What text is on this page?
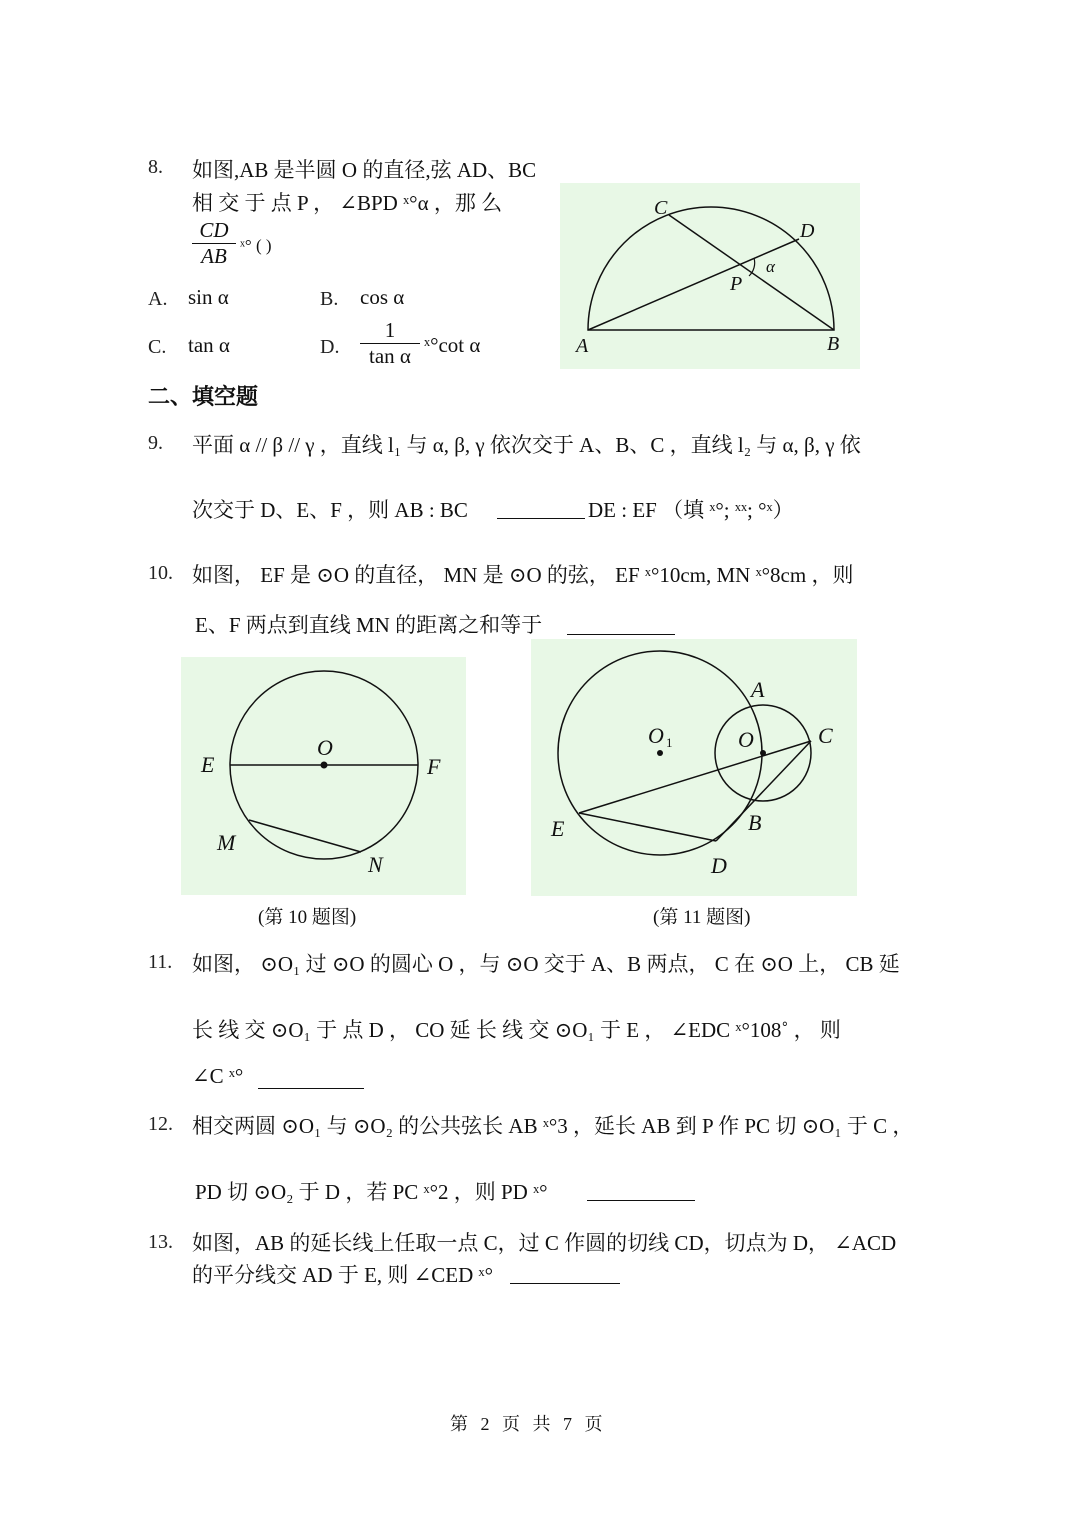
8. 如图,AB 是半圆 O 的直径,弦 AD、BC
相 交 于 点 P ， ∠BPD ˣ°α ，那 么
$\frac{CD}{AB}$ ˣ° ( )
A. sin α	B. cos α
C. tan α	D. $\frac{1}{\text{tan α}}$ ˣ°cot α
C
D
P
α
A	B
二、填空题
9. 平面 α // β // γ ，直线 l₁ 与 α, β, γ 依次交于 A、B、C ，直线 l₂ 与 α, β, γ 依
次交于 D、E、F ，则 AB : BC	DE : EF （填 ˣ°; ˣˣ; °ˣ）
10. 如图， EF 是 ⊙O 的直径， MN 是 ⊙O 的弦， EF ˣ°10cm, MN ˣ°8cm ，则
E、F 两点到直线 MN 的距离之和等于
O
E	F
M
N
(第 10 题图)
A
O 1	O	C
E	B
D
(第 11 题图)
11. 如图， ⊙O₁ 过 ⊙O 的圆心 O ，与 ⊙O 交于 A、B 两点， C 在 ⊙O 上， CB 延
长 线 交 ⊙O₁ 于 点 D ， CO 延 长 线 交 ⊙O₁ 于 E ， ∠EDC ˣ°108˚ ， 则
∠C ˣ°
12. 相交两圆 ⊙O₁ 与 ⊙O₂ 的公共弦长 AB ˣ°3 ，延长 AB 到 P 作 PC 切 ⊙O₁ 于 C ，
PD 切 ⊙O₂ 于 D ，若 PC ˣ°2 ，则 PD ˣ°
13. 如图，AB 的延长线上任取一点 C，过 C 作圆的切线 CD，切点为 D， ∠ACD
的平分线交 AD 于 E, 则 ∠CED ˣ°
第 2 页 共 7 页
